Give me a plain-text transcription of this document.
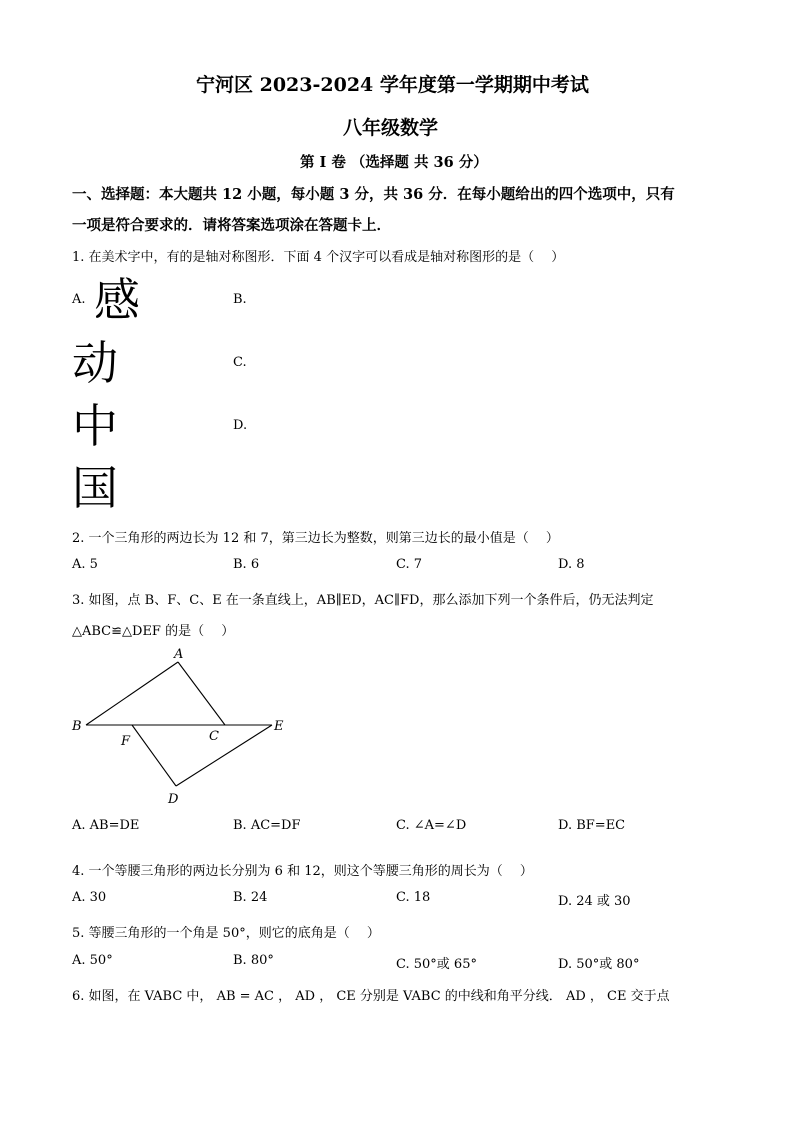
宁河区 2023-2024 学年度第一学期期中考试
八年级数学
第 I 卷 （选择题 共 36 分）
一、选择题：本大题共 12 小题，每小题 3 分，共 36 分．在每小题给出的四个选项中，只有
一项是符合要求的．请将答案选项涂在答题卡上．
1. 在美术字中，有的是轴对称图形．下面 4 个汉字可以看成是轴对称图形的是（　 ）
A. 感	B.
动	C.
中	D.
国
2. 一个三角形的两边长为 12 和 7，第三边长为整数，则第三边长的最小值是（　 ）
A. 5	B. 6	C. 7	D. 8
3. 如图，点 B、F、C、E 在一条直线上，AB∥ED，AC∥FD，那么添加下列一个条件后，仍无法判定
△ABC≌△DEF 的是（　 ）
A
B
F	C
E
D
A. AB=DE	B. AC=DF	C. ∠A=∠D	D. BF=EC
4. 一个等腰三角形的两边长分别为 6 和 12，则这个等腰三角形的周长为（　 ）
A. 30	B. 24	C. 18	D. 24 或 30
5. 等腰三角形的一个角是 50°，则它的底角是（　 ）
A. 50°	B. 80°	C. 50°或 65°	D. 50°或 80°
6. 如图，在 VABC 中， AB = AC ， AD ， CE 分别是 VABC 的中线和角平分线． AD ， CE 交于点
